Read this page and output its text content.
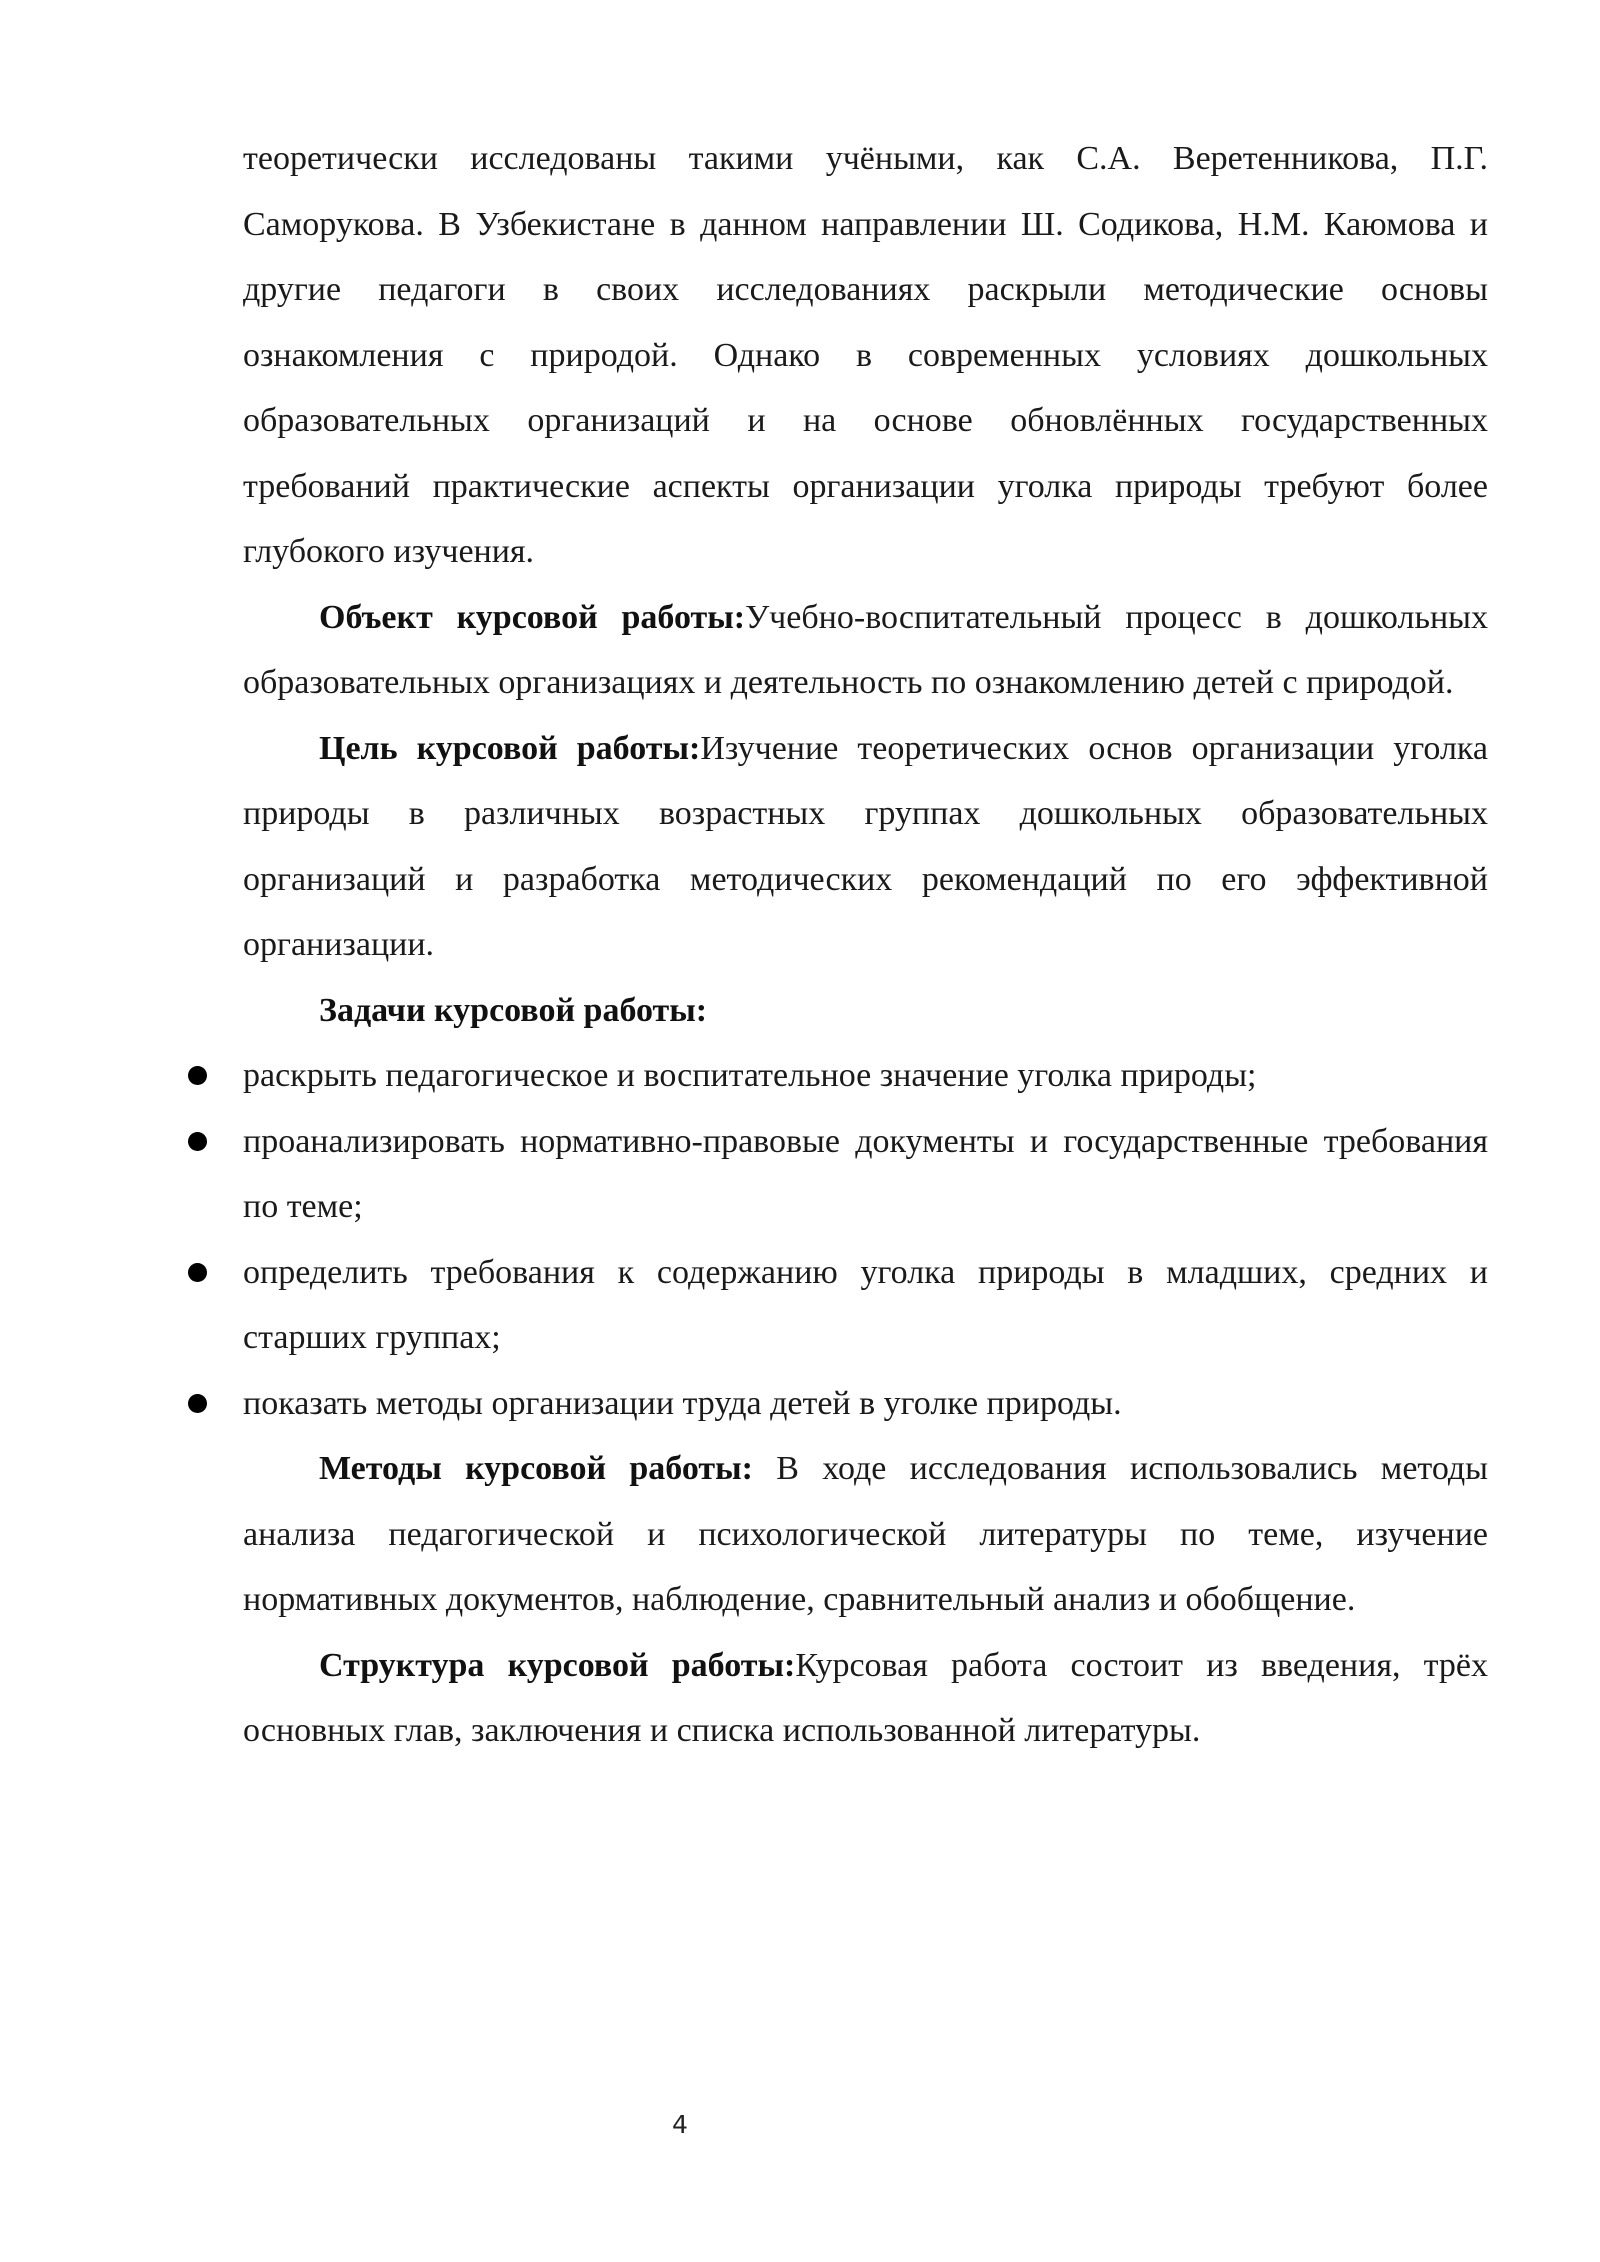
теоретически исследованы такими учёными, как С.А. Веретенникова, П.Г. Саморукова. В Узбекистане в данном направлении Ш. Содикова, Н.М. Каюмова и другие педагоги в своих исследованиях раскрыли методические основы ознакомления с природой. Однако в современных условиях дошкольных образовательных организаций и на основе обновлённых государственных требований практические аспекты организации уголка природы требуют более глубокого изучения.

Объект курсовой работы:Учебно-воспитательный процесс в дошкольных образовательных организациях и деятельность по ознакомлению детей с природой.

Цель курсовой работы:Изучение теоретических основ организации уголка природы в различных возрастных группах дошкольных образовательных организаций и разработка методических рекомендаций по его эффективной организации.

Задачи курсовой работы:

раскрыть педагогическое и воспитательное значение уголка природы;
проанализировать нормативно-правовые документы и государственные требования по теме;
определить требования к содержанию уголка природы в младших, средних и старших группах;
показать методы организации труда детей в уголке природы.

Методы курсовой работы: В ходе исследования использовались методы анализа педагогической и психологической литературы по теме, изучение нормативных документов, наблюдение, сравнительный анализ и обобщение.

Структура курсовой работы:Курсовая работа состоит из введения, трёх основных глав, заключения и списка использованной литературы.

4
